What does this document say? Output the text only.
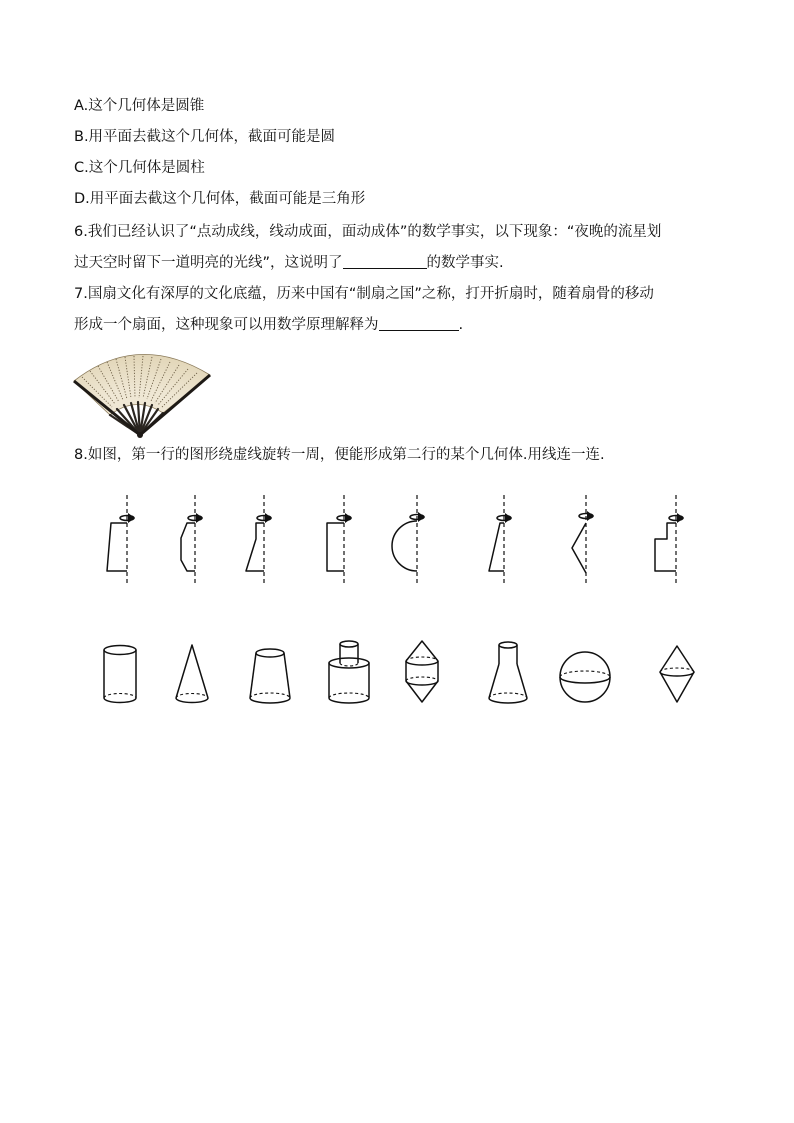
A.这个几何体是圆锥
B.用平面去截这个几何体，截面可能是圆
C.这个几何体是圆柱
D.用平面去截这个几何体，截面可能是三角形
6.我们已经认识了“点动成线，线动成面，面动成体”的数学事实，以下现象：“夜晚的流星划
过天空时留下一道明亮的光线”，这说明了	的数学事实.
7.国扇文化有深厚的文化底蕴，历来中国有“制扇之国”之称，打开折扇时，随着扇骨的移动
形成一个扇面，这种现象可以用数学原理解释为	.
8.如图，第一行的图形绕虚线旋转一周，便能形成第二行的某个几何体.用线连一连.
